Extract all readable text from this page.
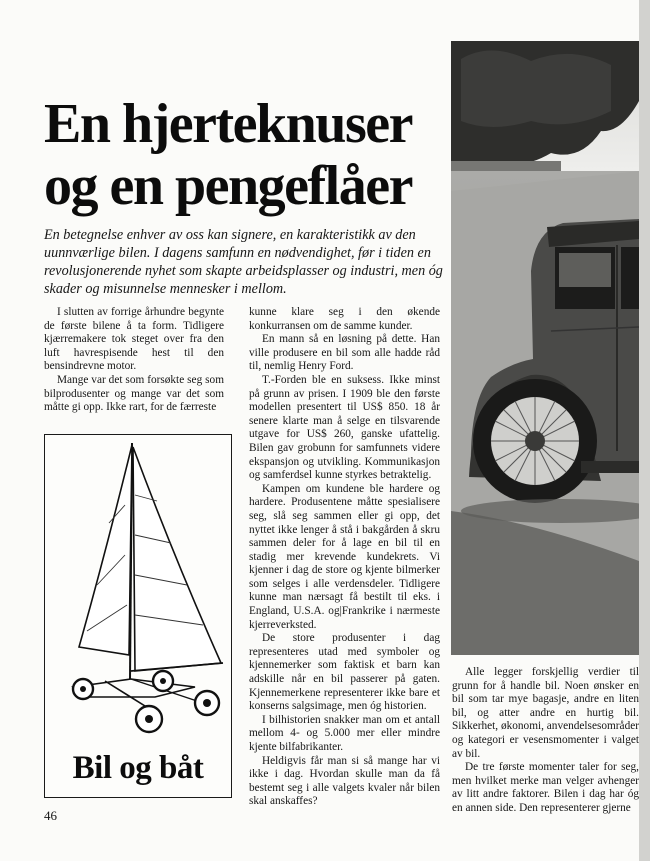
En hjerteknuser
og en pengeflåer

En betegnelse enhver av oss kan signere, en karakteristikk av den uunnværlige bilen. I dagens samfunn en nødvendighet, før i tiden en revolusjonerende nyhet som skapte arbeidsplasser og industri, men óg skader og misunnelse mennesker i mellom.

I slutten av forrige århundre begynte de første bilene å ta form. Tidligere kjærremakere tok steget over fra den luft havrespisende hest til den bensindrevne motor.

Mange var det som forsøkte seg som bilprodusenter og mange var det som måtte gi opp. Ikke rart, for de færreste

Bil og båt

kunne klare seg i den økende konkurransen om de samme kunder.

En mann så en løsning på dette. Han ville produsere en bil som alle hadde råd til, nemlig Henry Ford.

T.-Forden ble en suksess. Ikke minst på grunn av prisen. I 1909 ble den første modellen presentert til US$ 850. 18 år senere klarte man å selge en tilsvarende utgave for US$ 260, ganske ufattelig. Bilen gav grobunn for samfunnets videre ekspansjon og utvikling. Kommunikasjon og samferdsel kunne styrkes betraktelig.

Kampen om kundene ble hardere og hardere. Produsentene måtte spesialisere seg, slå seg sammen eller gi opp, det nyttet ikke lenger å stå i bakgården å skru sammen deler for å lage en bil til en stadig mer krevende kundekrets. Vi kjenner i dag de store og kjente bilmerker som selges i alle verdensdeler. Tidligere kunne man nærsagt få bestilt til eks. i England, U.S.A. og|Frankrike i nærmeste kjerreverksted.

De store produsenter i dag representeres utad med symboler og kjennemerker som faktisk et barn kan adskille når en bil passerer på gaten. Kjennemerkene representerer ikke bare et konserns salgsimage, men óg historien.

I bilhistorien snakker man om et antall mellom 4- og 5.000 mer eller mindre kjente bilfabrikanter.

Heldigvis får man si så mange har vi ikke i dag. Hvordan skulle man da få bestemt seg i alle valgets kvaler når bilen skal anskaffes?

Alle legger forskjellig verdier til grunn for å handle bil. Noen ønsker en bil som tar mye bagasje, andre en liten bil, og atter andre en hurtig bil. Sikkerhet, økonomi, anvendelsesområder og kategori er vesensmomenter i valget av bil.

De tre første momenter taler for seg, men hvilket merke man velger avhenger av litt andre faktorer. Bilen i dag har óg en annen side. Den representerer gjerne

46
